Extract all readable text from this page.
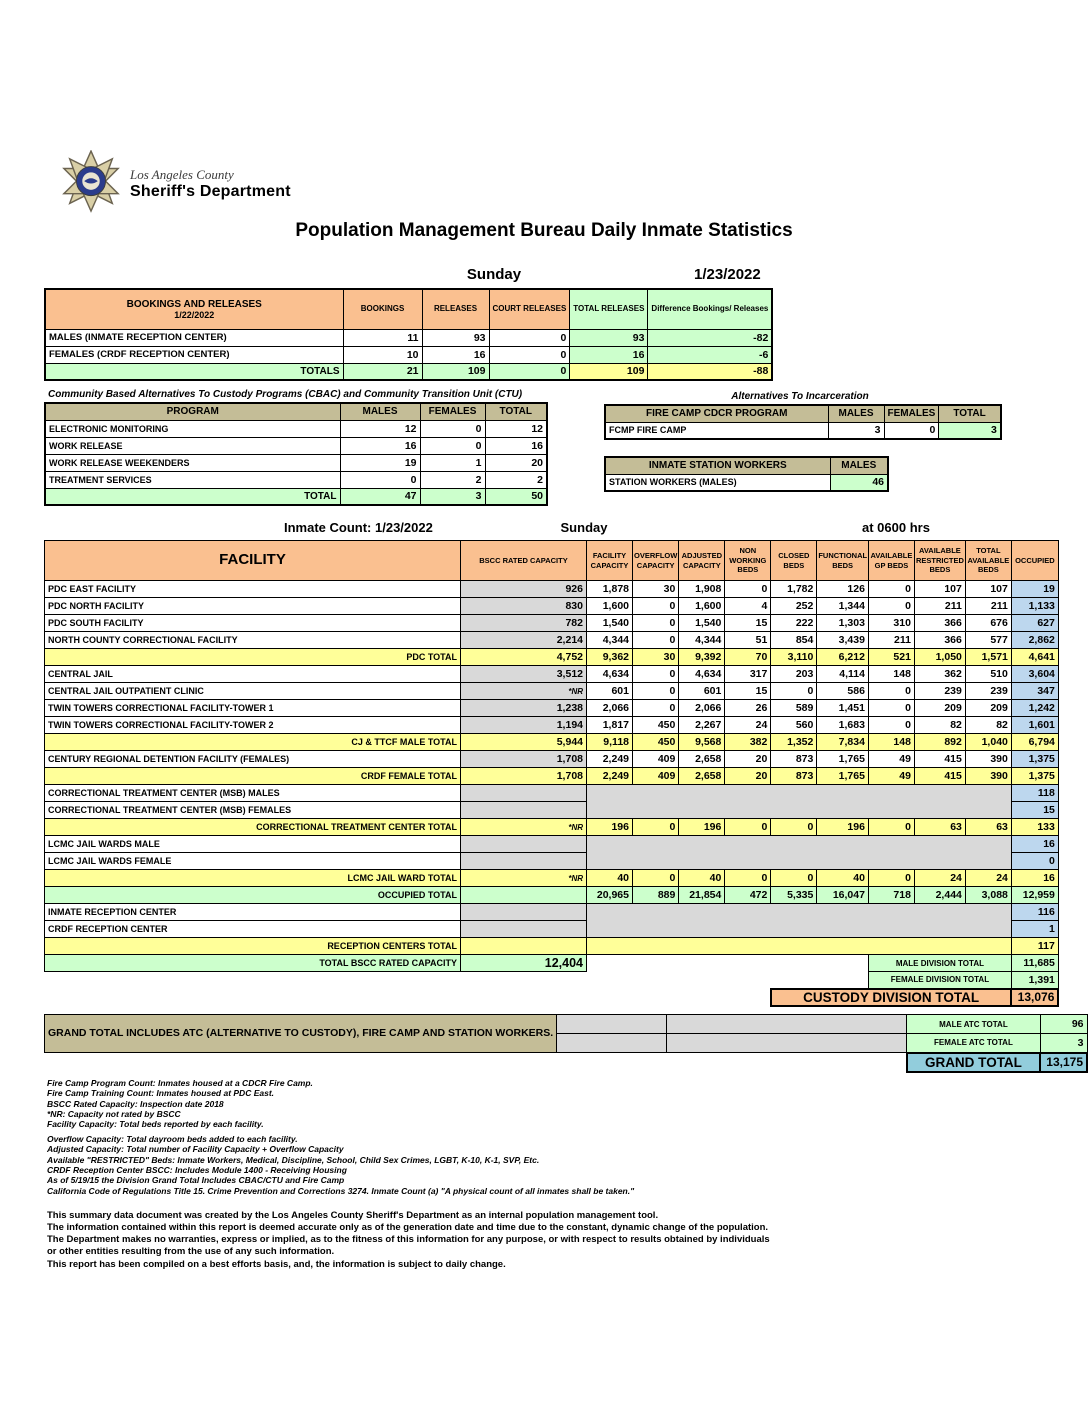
Los Angeles County
Sheriff's Department
Population Management Bureau Daily Inmate Statistics
Sunday	1/23/2022
BOOKINGS AND RELEASES
1/22/2022	BOOKINGS	RELEASES	COURT RELEASES	TOTAL RELEASES	Difference Bookings/ Releases
MALES (INMATE RECEPTION CENTER)	11	93	0	93	-82
FEMALES (CRDF RECEPTION CENTER)	10	16	0	16	-6
TOTALS	21	109	0	109	-88
Community Based Alternatives To Custody Programs (CBAC) and Community Transition Unit (CTU)
PROGRAM	MALES	FEMALES	TOTAL
ELECTRONIC MONITORING	12	0	12
WORK RELEASE	16	0	16
WORK RELEASE WEEKENDERS	19	1	20
TREATMENT SERVICES	0	2	2
TOTAL	47	3	50
Alternatives To Incarceration
FIRE CAMP CDCR PROGRAM	MALES	FEMALES	TOTAL
FCMP FIRE CAMP	3	0	3
INMATE STATION WORKERS	MALES
STATION WORKERS (MALES)	46
Inmate Count: 1/23/2022	Sunday	at 0600 hrs
FACILITY	BSCC RATED CAPACITY	FACILITY CAPACITY	OVERFLOW CAPACITY	ADJUSTED CAPACITY	NON WORKING BEDS	CLOSED BEDS	FUNCTIONAL BEDS	AVAILABLE GP BEDS	AVAILABLE RESTRICTED BEDS	TOTAL AVAILABLE BEDS	OCCUPIED
PDC EAST FACILITY	926	1,878	30	1,908	0	1,782	126	0	107	107	19
PDC NORTH FACILITY	830	1,600	0	1,600	4	252	1,344	0	211	211	1,133
PDC SOUTH FACILITY	782	1,540	0	1,540	15	222	1,303	310	366	676	627
NORTH COUNTY CORRECTIONAL FACILITY	2,214	4,344	0	4,344	51	854	3,439	211	366	577	2,862
PDC TOTAL	4,752	9,362	30	9,392	70	3,110	6,212	521	1,050	1,571	4,641
CENTRAL JAIL	3,512	4,634	0	4,634	317	203	4,114	148	362	510	3,604
CENTRAL JAIL OUTPATIENT CLINIC	*NR	601	0	601	15	0	586	0	239	239	347
TWIN TOWERS CORRECTIONAL FACILITY-TOWER 1	1,238	2,066	0	2,066	26	589	1,451	0	209	209	1,242
TWIN TOWERS CORRECTIONAL FACILITY-TOWER 2	1,194	1,817	450	2,267	24	560	1,683	0	82	82	1,601
CJ & TTCF MALE TOTAL	5,944	9,118	450	9,568	382	1,352	7,834	148	892	1,040	6,794
CENTURY REGIONAL DETENTION FACILITY (FEMALES)	1,708	2,249	409	2,658	20	873	1,765	49	415	390	1,375
CRDF FEMALE TOTAL	1,708	2,249	409	2,658	20	873	1,765	49	415	390	1,375
CORRECTIONAL TREATMENT CENTER (MSB) MALES											118
CORRECTIONAL TREATMENT CENTER (MSB) FEMALES											15
CORRECTIONAL TREATMENT CENTER TOTAL	*NR	196	0	196	0	0	196	0	63	63	133
LCMC JAIL WARDS MALE											16
LCMC JAIL WARDS FEMALE											0
LCMC JAIL WARD TOTAL	*NR	40	0	40	0	0	40	0	24	24	16
OCCUPIED TOTAL		20,965	889	21,854	472	5,335	16,047	718	2,444	3,088	12,959
INMATE RECEPTION CENTER											116
CRDF RECEPTION CENTER											1
RECEPTION CENTERS TOTAL											117
TOTAL BSCC RATED CAPACITY	12,404							MALE DIVISION TOTAL			11,685
								FEMALE DIVISION TOTAL			1,391
						CUSTODY DIVISION TOTAL					13,076
GRAND TOTAL INCLUDES ATC (ALTERNATIVE TO CUSTODY), FIRE CAMP AND STATION WORKERS.			MALE ATC TOTAL	96
			FEMALE ATC TOTAL	3
			GRAND TOTAL	13,175
Fire Camp Program Count: Inmates housed at a CDCR Fire Camp.
Fire Camp Training Count: Inmates housed at PDC East.
BSCC Rated Capacity: Inspection date 2018
*NR: Capacity not rated by BSCC
Facility Capacity: Total beds reported by each facility.
Overflow Capacity: Total dayroom beds added to each facility.
Adjusted Capacity: Total number of Facility Capacity + Overflow Capacity
Available "RESTRICTED" Beds: Inmate Workers, Medical, Discipline, School, Child Sex Crimes, LGBT, K-10, K-1, SVP, Etc.
CRDF Reception Center BSCC: Includes Module 1400 - Receiving Housing
As of 5/19/15 the Division Grand Total Includes CBAC/CTU and Fire Camp
California Code of Regulations Title 15. Crime Prevention and Corrections 3274. Inmate Count (a) "A physical count of all inmates shall be taken."
This summary data document was created by the Los Angeles County Sheriff's Department as an internal population management tool.
The information contained within this report is deemed accurate only as of the generation date and time due to the constant, dynamic change of the population.
The Department makes no warranties, express or implied, as to the fitness of this information for any purpose, or with respect to results obtained by individuals
or other entities resulting from the use of any such information.
This report has been compiled on a best efforts basis, and, the information is subject to daily change.
